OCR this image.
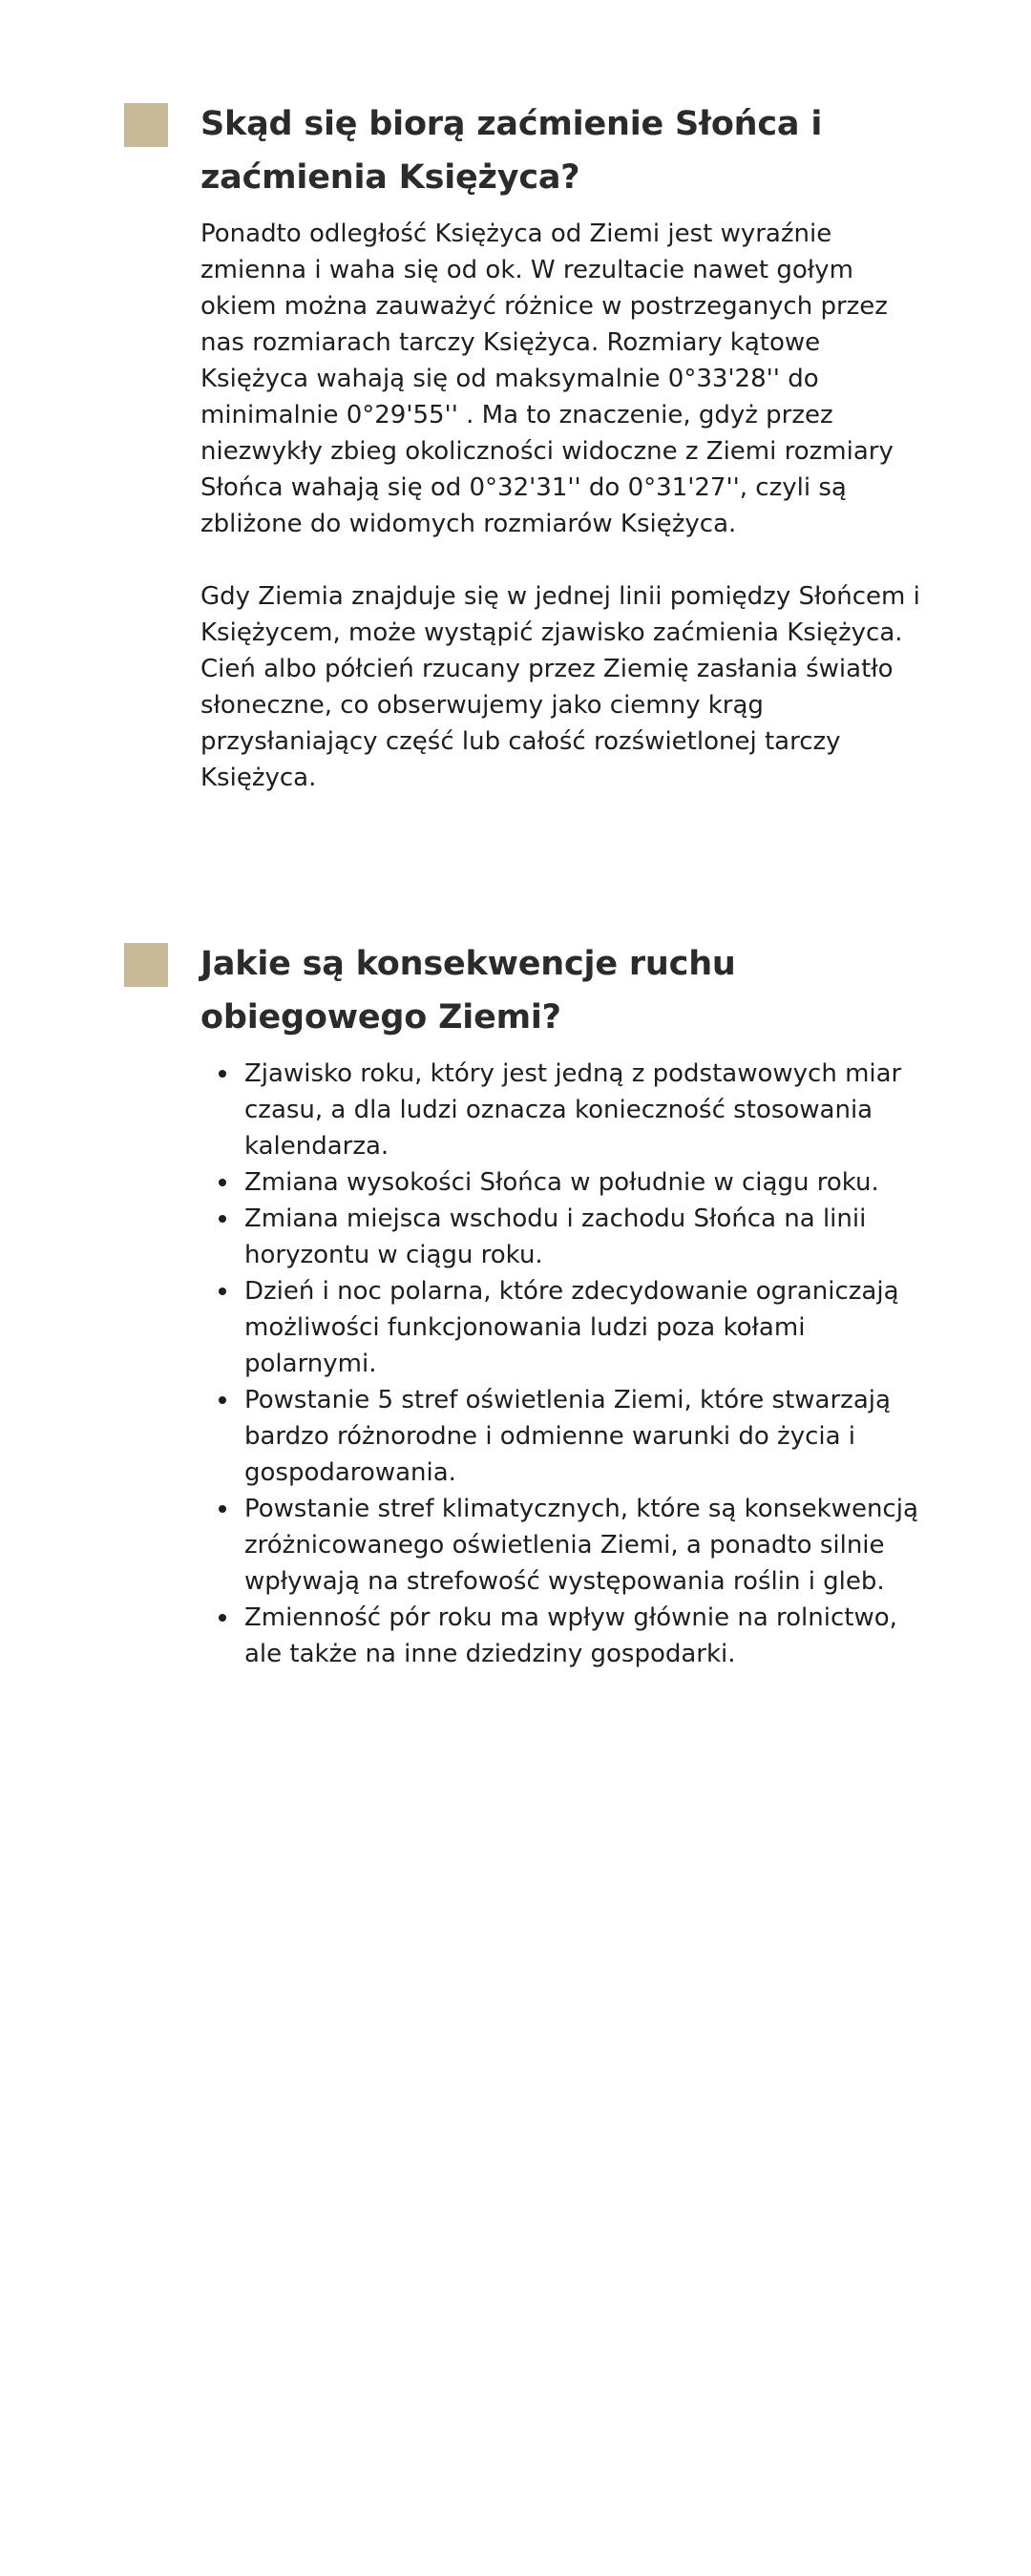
Skąd się biorą zaćmienie Słońca i zaćmienia Księżyca?

Ponadto odległość Księżyca od Ziemi jest wyraźnie zmienna i waha się od ok. W rezultacie nawet gołym okiem można zauważyć różnice w postrzeganych przez nas rozmiarach tarczy Księżyca. Rozmiary kątowe Księżyca wahają się od maksymalnie 0°33'28'' do minimalnie 0°29'55'' . Ma to znaczenie, gdyż przez niezwykły zbieg okoliczności widoczne z Ziemi rozmiary Słońca wahają się od 0°32'31'' do 0°31'27'', czyli są zbliżone do widomych rozmiarów Księżyca.

Gdy Ziemia znajduje się w jednej linii pomiędzy Słońcem i Księżycem, może wystąpić zjawisko zaćmienia Księżyca. Cień albo półcień rzucany przez Ziemię zasłania światło słoneczne, co obserwujemy jako ciemny krąg przysłaniający część lub całość rozświetlonej tarczy Księżyca.

Jakie są konsekwencje ruchu obiegowego Ziemi?
Zjawisko roku, który jest jedną z podstawowych miar czasu, a dla ludzi oznacza konieczność stosowania kalendarza.
Zmiana wysokości Słońca w południe w ciągu roku.
Zmiana miejsca wschodu i zachodu Słońca na linii horyzontu w ciągu roku.
Dzień i noc polarna, które zdecydowanie ograniczają możliwości funkcjonowania ludzi poza kołami polarnymi.
Powstanie 5 stref oświetlenia Ziemi, które stwarzają bardzo różnorodne i odmienne warunki do życia i gospodarowania.
Powstanie stref klimatycznych, które są konsekwencją zróżnicowanego oświetlenia Ziemi, a ponadto silnie wpływają na strefowość występowania roślin i gleb.
Zmienność pór roku ma wpływ głównie na rolnictwo, ale także na inne dziedziny gospodarki.
